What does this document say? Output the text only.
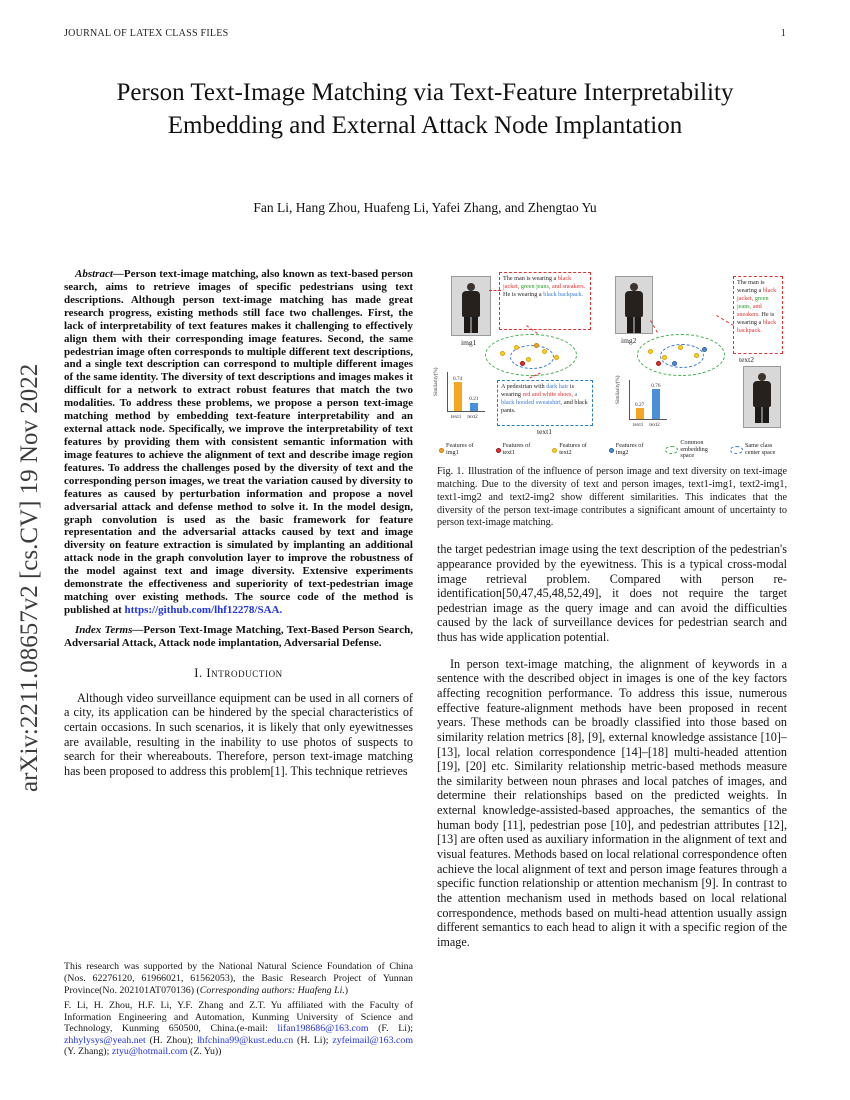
JOURNAL OF LATEX CLASS FILES	1
arXiv:2211.08657v2 [cs.CV] 19 Nov 2022
Person Text-Image Matching via Text-Feature Interpretability Embedding and External Attack Node Implantation
Fan Li, Hang Zhou, Huafeng Li, Yafei Zhang, and Zhengtao Yu

Abstract—Person text-image matching, also known as text-based person search, aims to retrieve images of specific pedestrians using text descriptions. Although person text-image matching has made great research progress, existing methods still face two challenges. First, the lack of interpretability of text features makes it challenging to effectively align them with their corresponding image features. Second, the same pedestrian image often corresponds to multiple different text descriptions, and a single text description can correspond to multiple different images of the same identity. The diversity of text descriptions and images makes it difficult for a network to extract robust features that match the two modalities. To address these problems, we propose a person text-image matching method by embedding text-feature interpretability and an external attack node. Specifically, we improve the interpretability of text features by providing them with consistent semantic information with image features to achieve the alignment of text and describe image region features. To address the challenges posed by the diversity of text and the corresponding person images, we treat the variation caused by diversity to features as caused by perturbation information and propose a novel adversarial attack and defense method to solve it. In the model design, graph convolution is used as the basic framework for feature representation and the adversarial attacks caused by text and image diversity on feature extraction is simulated by implanting an additional attack node in the graph convolution layer to improve the robustness of the model against text and image diversity. Extensive experiments demonstrate the effectiveness and superiority of text-pedestrian image matching over existing methods. The source code of the method is published at https://github.com/lhf12278/SAA.

Index Terms—Person Text-Image Matching, Text-Based Person Search, Adversarial Attack, Attack node implantation, Adversarial Defense.

I. Introduction

Although video surveillance equipment can be used in all corners of a city, its application can be hindered by the special characteristics of certain occasions. In such scenarios, it is likely that only eyewitnesses are available, resulting in the inability to use photos of suspects to search for their whereabouts. Therefore, person text-image matching has been proposed to address this problem[1]. This technique retrieves

This research was supported by the National Natural Science Foundation of China (Nos. 62276120, 61966021, 61562053), the Basic Research Project of Yunnan Province(No. 202101AT070136) (Corresponding authors: Huafeng Li.)

F. Li, H. Zhou, H.F. Li, Y.F. Zhang and Z.T. Yu affiliated with the Faculty of Information Engineering and Automation, Kunming University of Science and Technology, Kunming 650500, China.(e-mail: lifan198686@163.com (F. Li); zhhylysys@yeah.net (H. Zhou); lhfchina99@kust.edu.cn (H. Li); zyfeimail@163.com (Y. Zhang); ztyu@hotmail.com (Z. Yu))

img1
The man is wearing a black jacket, green jeans, and sneakers. He is wearing a black backpack.
A pedestrian with dark hair is wearing red and white shoes, a black hooded sweatshirt, and black pants.
text1
Similarity(%)	0.74
0.21
text1 text2
img2
The man is wearing a black jacket, green jeans, and sneakers. He is wearing a black backpack.
text2
Similarity(%)
0.27
0.76
text1 text2
Features of img1
Features of text1
Features of text2
Features of img2
Common embedding space
Same class center space

Fig. 1. Illustration of the influence of person image and text diversity on text-image matching. Due to the diversity of text and person images, text1-img1, text2-img1, text1-img2 and text2-img2 show different similarities. This indicates that the diversity of the person text-image contributes a significant amount of uncertainty to person text-image matching.

the target pedestrian image using the text description of the pedestrian's appearance provided by the eyewitness. This is a typical cross-modal image retrieval problem. Compared with person re-identification[50,47,45,48,52,49], it does not require the target pedestrian image as the query image and can avoid the difficulties caused by the lack of surveillance devices for pedestrian search and thus has wide application potential.

In person text-image matching, the alignment of keywords in a sentence with the described object in images is one of the key factors affecting recognition performance. To address this issue, numerous effective feature-alignment methods have been proposed in recent years. These methods can be broadly classified into those based on similarity relation metrics [8], [9], external knowledge assistance [10]–[13], local relation correspondence [14]–[18] multi-headed attention [19], [20] etc. Similarity relationship metric-based methods measure the similarity between noun phrases and local patches of images, and determine their relationships based on the predicted weights. In external knowledge-assisted-based approaches, the semantics of the human body [11], pedestrian pose [10], and pedestrian attributes [12], [13] are often used as auxiliary information in the alignment of text and visual features. Methods based on local relational correspondence often achieve the local alignment of text and person image features through a specific function relationship or attention mechanism [9]. In contrast to the attention mechanism used in methods based on local relational correspondence, methods based on multi-head attention usually assign different semantics to each head to align it with a specific region of the image.
